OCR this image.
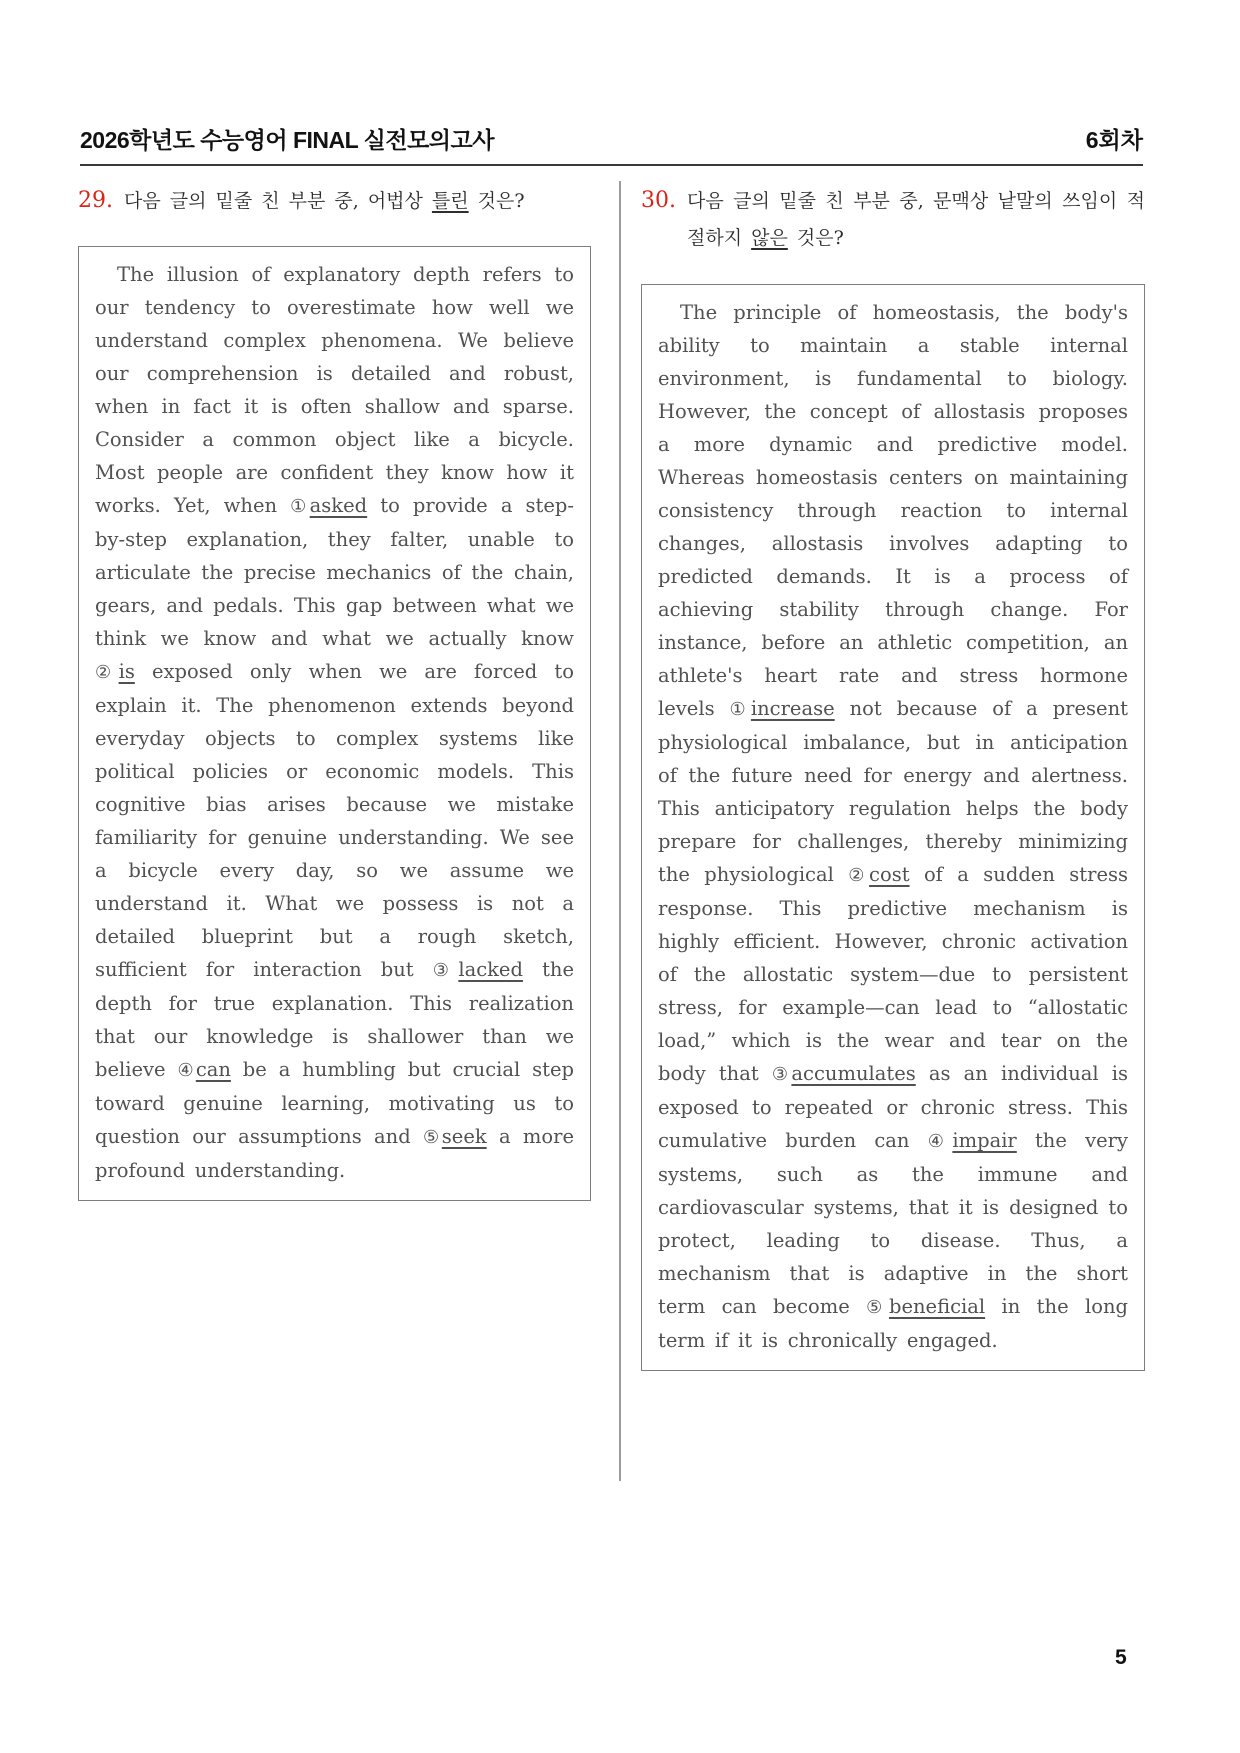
2026학년도 수능영어 FINAL 실전모의고사	6회차
29. 다음 글의 밑줄 친 부분 중, 어법상 틀린 것은?

The illusion of explanatory depth refers to our tendency to overestimate how well we understand complex phenomena. We believe our comprehension is detailed and robust, when in fact it is often shallow and sparse. Consider a common object like a bicycle. Most people are confident they know how it works. Yet, when ①asked to provide a step-by-step explanation, they falter, unable to articulate the precise mechanics of the chain, gears, and pedals. This gap between what we think we know and what we actually know ②is exposed only when we are forced to explain it. The phenomenon extends beyond everyday objects to complex systems like political policies or economic models. This cognitive bias arises because we mistake familiarity for genuine understanding. We see a bicycle every day, so we assume we understand it. What we possess is not a detailed blueprint but a rough sketch, sufficient for interaction but ③lacked the depth for true explanation. This realization that our knowledge is shallower than we believe ④can be a humbling but crucial step toward genuine learning, motivating us to question our assumptions and ⑤seek a more profound understanding.

30. 다음 글의 밑줄 친 부분 중, 문맥상 낱말의 쓰임이 적절하지 않은 것은?

The principle of homeostasis, the body's ability to maintain a stable internal environment, is fundamental to biology. However, the concept of allostasis proposes a more dynamic and predictive model. Whereas homeostasis centers on maintaining consistency through reaction to internal changes, allostasis involves adapting to predicted demands. It is a process of achieving stability through change. For instance, before an athletic competition, an athlete's heart rate and stress hormone levels ①increase not because of a present physiological imbalance, but in anticipation of the future need for energy and alertness. This anticipatory regulation helps the body prepare for challenges, thereby minimizing the physiological ②cost of a sudden stress response. This predictive mechanism is highly efficient. However, chronic activation of the allostatic system—due to persistent stress, for example—can lead to “allostatic load,” which is the wear and tear on the body that ③accumulates as an individual is exposed to repeated or chronic stress. This cumulative burden can ④impair the very systems, such as the immune and cardiovascular systems, that it is designed to protect, leading to disease. Thus, a mechanism that is adaptive in the short term can become ⑤beneficial in the long term if it is chronically engaged.

5
